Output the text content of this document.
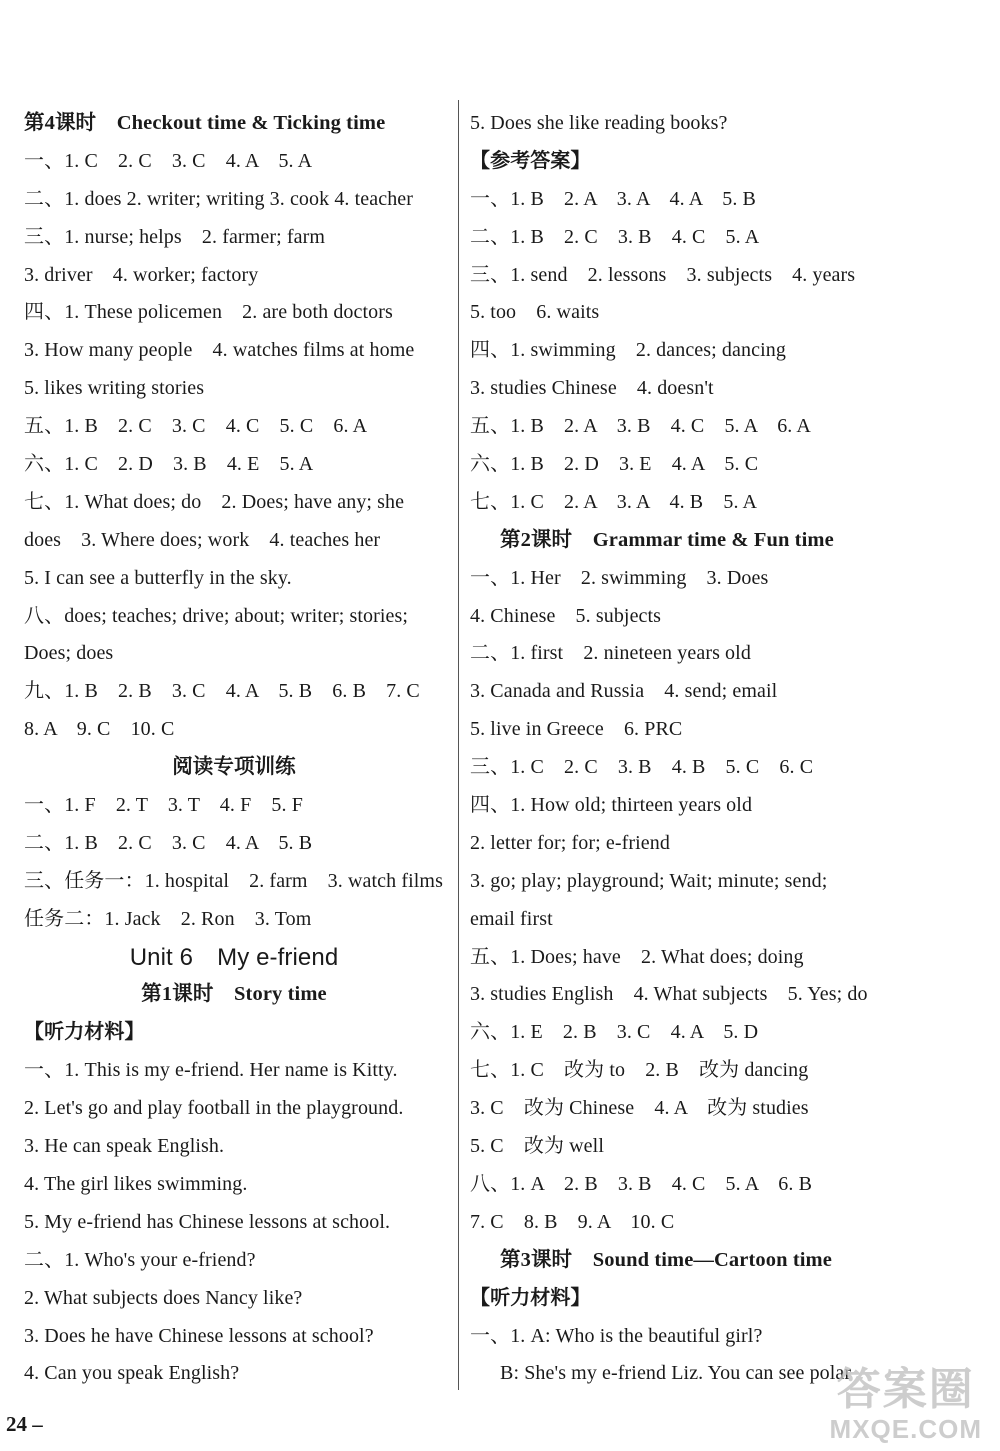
第4课时　Checkout time & Ticking time
一、1. C　2. C　3. C　4. A　5. A
二、1. does 2. writer; writing 3. cook 4. teacher
三、1. nurse; helps　2. farmer; farm
3. driver　4. worker; factory
四、1. These policemen　2. are both doctors
3. How many people　4. watches films at home
5. likes writing stories
五、1. B　2. C　3. C　4. C　5. C　6. A
六、1. C　2. D　3. B　4. E　5. A
七、1. What does; do　2. Does; have any; she
does　3. Where does; work　4. teaches her
5. I can see a butterfly in the sky.
八、does; teaches; drive; about; writer; stories;
Does; does
九、1. B　2. B　3. C　4. A　5. B　6. B　7. C
8. A　9. C　10. C
阅读专项训练
一、1. F　2. T　3. T　4. F　5. F
二、1. B　2. C　3. C　4. A　5. B
三、任务一：1. hospital　2. farm　3. watch films
任务二：1. Jack　2. Ron　3. Tom
Unit 6　My e-friend
第1课时　Story time
【听力材料】
一、1. This is my e-friend. Her name is Kitty.
2. Let's go and play football in the playground.
3. He can speak English.
4. The girl likes swimming.
5. My e-friend has Chinese lessons at school.
二、1. Who's your e-friend?
2. What subjects does Nancy like?
3. Does he have Chinese lessons at school?
4. Can you speak English?
5. Does she like reading books?
【参考答案】
一、1. B　2. A　3. A　4. A　5. B
二、1. B　2. C　3. B　4. C　5. A
三、1. send　2. lessons　3. subjects　4. years
5. too　6. waits
四、1. swimming　2. dances; dancing
3. studies Chinese　4. doesn't
五、1. B　2. A　3. B　4. C　5. A　6. A
六、1. B　2. D　3. E　4. A　5. C
七、1. C　2. A　3. A　4. B　5. A
第2课时　Grammar time & Fun time
一、1. Her　2. swimming　3. Does
4. Chinese　5. subjects
二、1. first　2. nineteen years old
3. Canada and Russia　4. send; email
5. live in Greece　6. PRC
三、1. C　2. C　3. B　4. B　5. C　6. C
四、1. How old; thirteen years old
2. letter for; for; e-friend
3. go; play; playground; Wait; minute; send;
email first
五、1. Does; have　2. What does; doing
3. studies English　4. What subjects　5. Yes; do
六、1. E　2. B　3. C　4. A　5. D
七、1. C　改为 to　2. B　改为 dancing
3. C　改为 Chinese　4. A　改为 studies
5. C　改为 well
八、1. A　2. B　3. B　4. C　5. A　6. B
7. C　8. B　9. A　10. C
第3课时　Sound time—Cartoon time
【听力材料】
一、1. A: Who is the beautiful girl?
B: She's my e-friend Liz. You can see polar
24 –
答案圈
MXQE.COM
